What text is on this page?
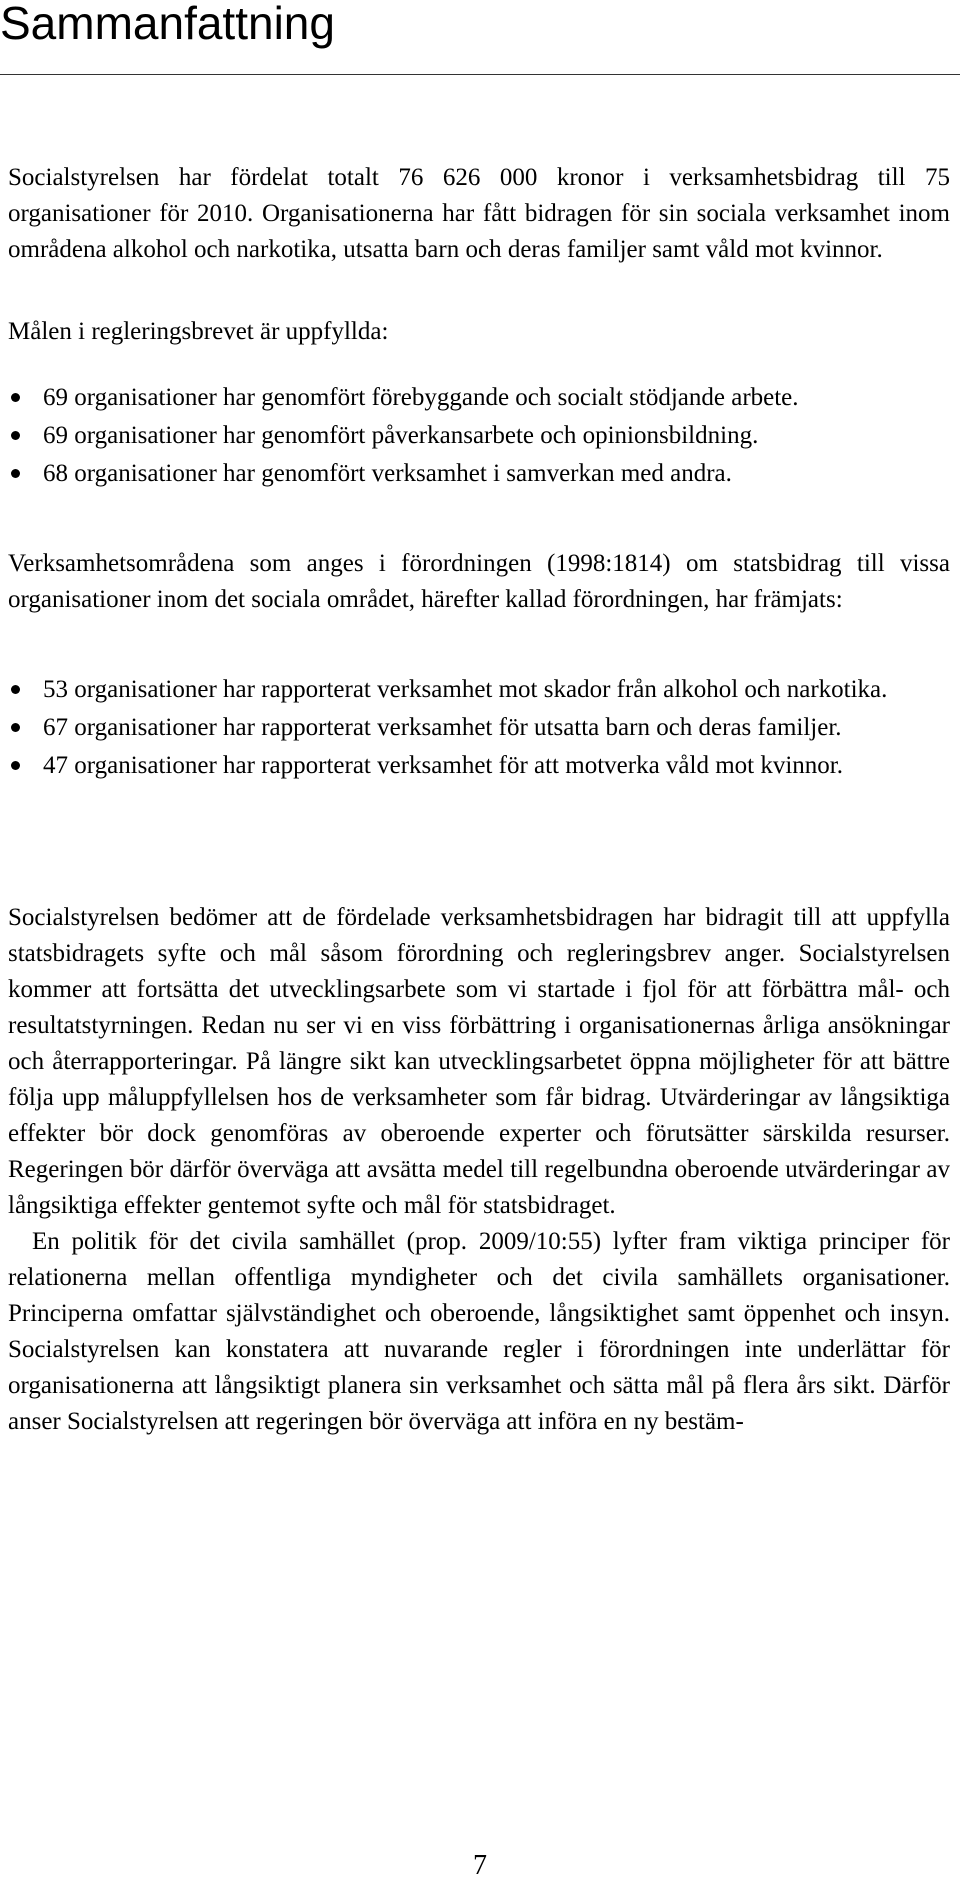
Sammanfattning

Socialstyrelsen har fördelat totalt 76 626 000 kronor i verksamhetsbidrag till 75 organisationer för 2010. Organisationerna har fått bidragen för sin sociala verksamhet inom områdena alkohol och narkotika, utsatta barn och deras familjer samt våld mot kvinnor.

Målen i regleringsbrevet är uppfyllda:

69 organisationer har genomfört förebyggande och socialt stödjande arbete.
69 organisationer har genomfört påverkansarbete och opinionsbildning.
68 organisationer har genomfört verksamhet i samverkan med andra.

Verksamhetsområdena som anges i förordningen (1998:1814) om statsbidrag till vissa organisationer inom det sociala området, härefter kallad förordningen, har främjats:

53 organisationer har rapporterat verksamhet mot skador från alkohol och narkotika.
67 organisationer har rapporterat verksamhet för utsatta barn och deras familjer.
47 organisationer har rapporterat verksamhet för att motverka våld mot kvinnor.

Socialstyrelsen bedömer att de fördelade verksamhetsbidragen har bidragit till att uppfylla statsbidragets syfte och mål såsom förordning och regleringsbrev anger. Socialstyrelsen kommer att fortsätta det utvecklingsarbete som vi startade i fjol för att förbättra mål- och resultatstyrningen. Redan nu ser vi en viss förbättring i organisationernas årliga ansökningar och återrapporteringar. På längre sikt kan utvecklingsarbetet öppna möjligheter för att bättre följa upp måluppfyllelsen hos de verksamheter som får bidrag. Utvärderingar av långsiktiga effekter bör dock genomföras av oberoende experter och förutsätter särskilda resurser. Regeringen bör därför överväga att avsätta medel till regelbundna oberoende utvärderingar av långsiktiga effekter gentemot syfte och mål för statsbidraget.

En politik för det civila samhället (prop. 2009/10:55) lyfter fram viktiga principer för relationerna mellan offentliga myndigheter och det civila samhällets organisationer. Principerna omfattar självständighet och oberoende, långsiktighet samt öppenhet och insyn. Socialstyrelsen kan konstatera att nuvarande regler i förordningen inte underlättar för organisationerna att långsiktigt planera sin verksamhet och sätta mål på flera års sikt. Därför anser Socialstyrelsen att regeringen bör överväga att införa en ny bestäm-

7
